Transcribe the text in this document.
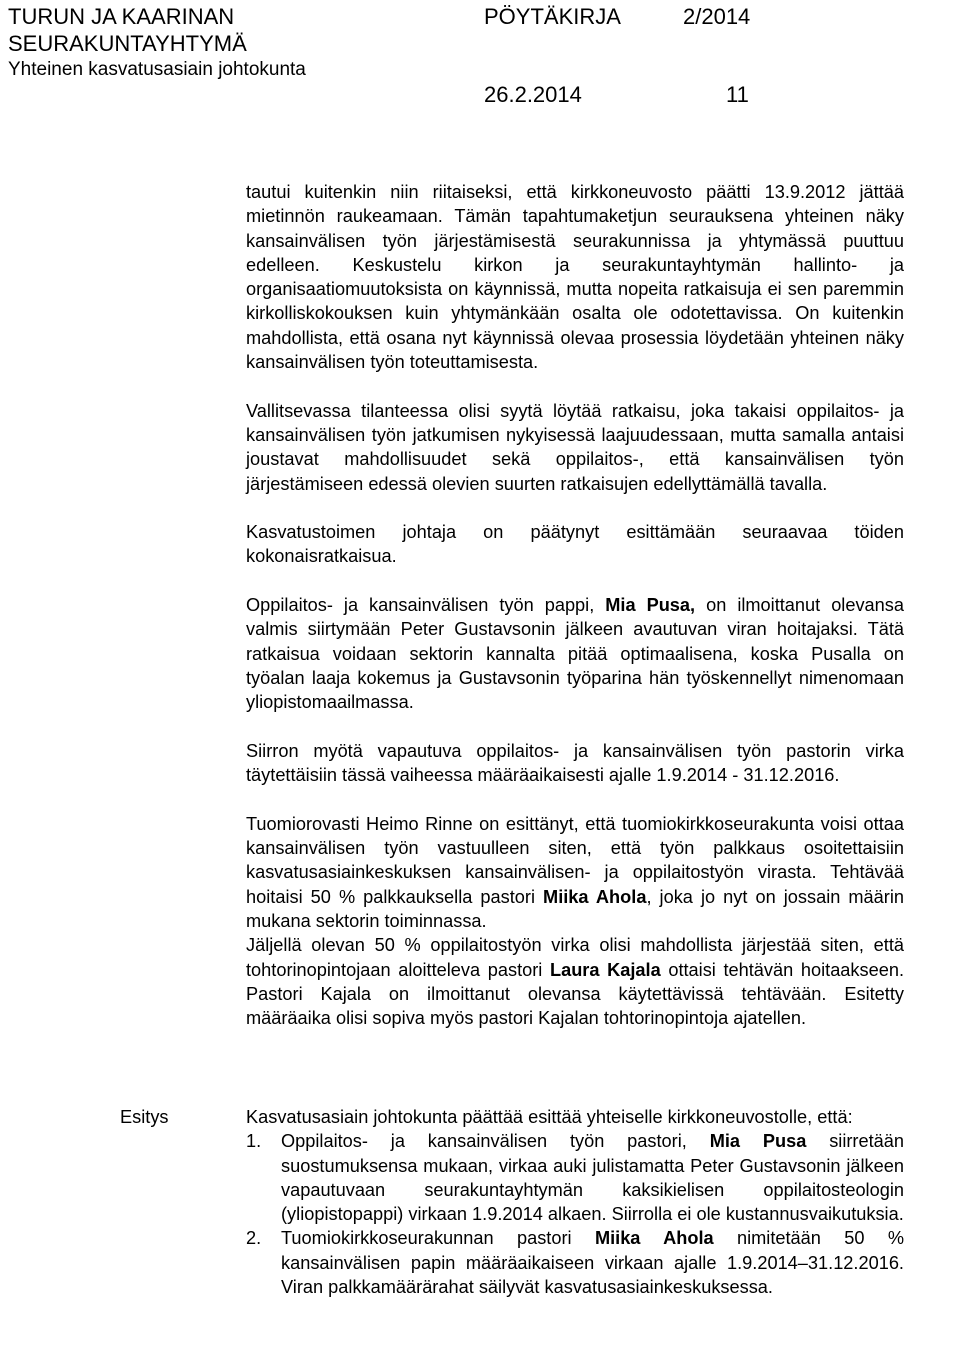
TURUN JA KAARINAN
SEURAKUNTAYHTYMÄ
Yhteinen kasvatusasiain johtokunta
PÖYTÄKIRJA	2/2014
26.2.2014	11

tautui kuitenkin niin riitaiseksi, että kirkkoneuvosto päätti 13.9.2012 jättää mietinnön raukeamaan. Tämän tapahtumaketjun seurauksena yhteinen näky kansainvälisen työn järjestämisestä seurakunnissa ja yhtymässä puuttuu edelleen. Keskustelu kirkon ja seurakuntayhtymän hallinto- ja organisaatiomuutoksista on käynnissä, mutta nopeita ratkaisuja ei sen paremmin kirkolliskokouksen kuin yhtymänkään osalta ole odotettavissa. On kuitenkin mahdollista, että osana nyt käynnissä olevaa prosessia löydetään yhteinen näky kansainvälisen työn toteuttamisesta.

Vallitsevassa tilanteessa olisi syytä löytää ratkaisu, joka takaisi oppilaitos- ja kansainvälisen työn jatkumisen nykyisessä laajuudessaan, mutta samalla antaisi joustavat mahdollisuudet sekä oppilaitos-, että kansainvälisen työn järjestämiseen edessä olevien suurten ratkaisujen edellyttämällä tavalla.

Kasvatustoimen johtaja on päätynyt esittämään seuraavaa töiden kokonaisratkaisua.

Oppilaitos- ja kansainvälisen työn pappi, Mia Pusa, on ilmoittanut olevansa valmis siirtymään Peter Gustavsonin jälkeen avautuvan viran hoitajaksi. Tätä ratkaisua voidaan sektorin kannalta pitää optimaalisena, koska Pusalla on työalan laaja kokemus ja Gustavsonin työparina hän työskennellyt nimenomaan yliopistomaailmassa.

Siirron myötä vapautuva oppilaitos- ja kansainvälisen työn pastorin virka täytettäisiin tässä vaiheessa määräaikaisesti ajalle 1.9.2014 - 31.12.2016.

Tuomiorovasti Heimo Rinne on esittänyt, että tuomiokirkkoseurakunta voisi ottaa kansainvälisen työn vastuulleen siten, että työn palkkaus osoitettaisiin kasvatusasiainkeskuksen kansainvälisen- ja oppilaitostyön virasta. Tehtävää hoitaisi 50 % palkkauksella pastori Miika Ahola, joka jo nyt on jossain määrin mukana sektorin toiminnassa.

Jäljellä olevan 50 % oppilaitostyön virka olisi mahdollista järjestää siten, että tohtorinopintojaan aloitteleva pastori Laura Kajala ottaisi tehtävän hoitaakseen. Pastori Kajala on ilmoittanut olevansa käytettävissä tehtävään. Esitetty määräaika olisi sopiva myös pastori Kajalan tohtorinopintoja ajatellen.

Esitys	Kasvatusasiain johtokunta päättää esittää yhteiselle kirkkoneuvostolle, että:

1. Oppilaitos- ja kansainvälisen työn pastori, Mia Pusa siirretään suostumuksensa mukaan, virkaa auki julistamatta Peter Gustavsonin jälkeen vapautuvaan seurakuntayhtymän kaksikielisen oppilaitosteologin (yliopistopappi) virkaan 1.9.2014 alkaen. Siirrolla ei ole kustannusvaikutuksia.
2. Tuomiokirkkoseurakunnan pastori Miika Ahola nimitetään 50 % kansainvälisen papin määräaikaiseen virkaan ajalle 1.9.2014–31.12.2016. Viran palkkamäärärahat säilyvät kasvatusasiainkeskuksessa.
